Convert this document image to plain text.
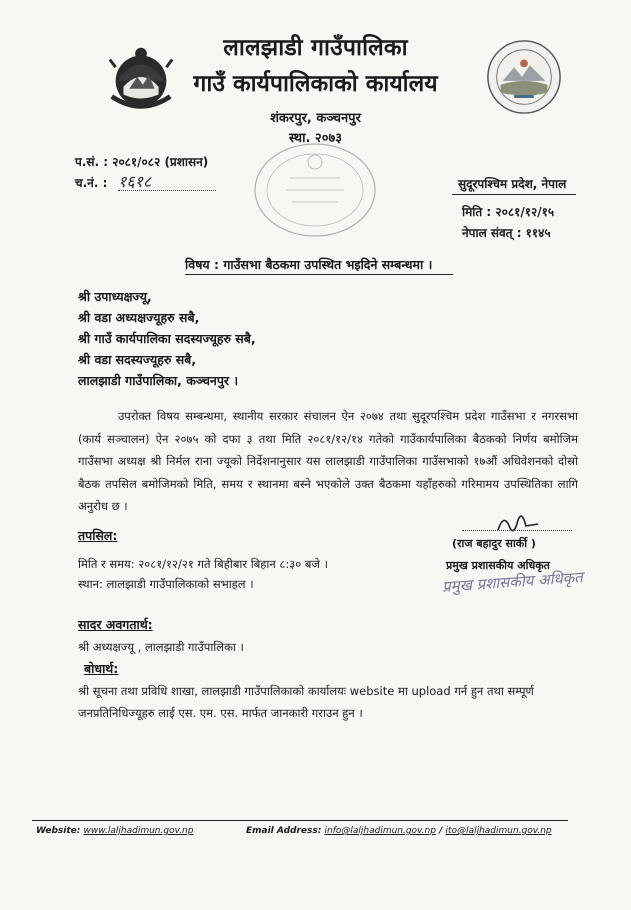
लालझाडी गाउँपालिका
गाउँ कार्यपालिकाको कार्यालय
शंकरपुर, कञ्चनपुर
स्था. २०७३
प.सं. : २०८१/०८२ (प्रशासन)
च.नं. : १६१८	सुदूरपश्चिम प्रदेश, नेपाल
मिति : २०८१/१२/१५
नेपाल संवत् : ११४५
विषय : गाउँसभा बैठकमा उपस्थित भइदिने सम्बन्धमा ।
श्री उपाध्यक्षज्यू,
श्री वडा अध्यक्षज्यूहरु सबै,
श्री गाउँ कार्यपालिका सदस्यज्यूहरु सबै,
श्री वडा सदस्यज्यूहरु सबै,
लालझाडी गाउँपालिका, कञ्चनपुर ।
उपरोक्त विषय सम्बन्धमा, स्थानीय सरकार संचालन ऐन २०७४ तथा सुदूरपश्चिम प्रदेश गाउँसभा र नगरसभा (कार्य सञ्चालन) ऐन २०७५ को दफा ३ तथा मिति २०८१/१२/१४ गतेको गाउँकार्यपालिका बैठकको निर्णय बमोजिम गाउँसभा अध्यक्ष श्री निर्मल राना ज्यूको निर्देशनानुसार यस लालझाडी गाउँपालिका गाउँसभाको १७औं अधिवेशनको दोस्रो बैठक तपसिल बमोजिमको मिति, समय र स्थानमा बस्ने भएकोले उक्त बैठकमा यहाँहरुको गरिमामय उपस्थितिका लागि अनुरोध छ ।
तपसिल:
मिति र समय: २०८१/१२/२१ गते बिहीबार बिहान ८:३० बजे ।
स्थान: लालझाडी गाउँपालिकाको सभाहल ।
(राज बहादुर सार्की )
प्रमुख प्रशासकीय अधिकृत
प्रमुख प्रशासकीय अधिकृत
सादर अवगतार्थ:
श्री अध्यक्षज्यू , लालझाडी गाउँपालिका ।
बोधार्थ:
श्री सूचना तथा प्रविधि शाखा, लालझाडी गाउँपालिकाको कार्यालयः website मा upload गर्न हुन तथा सम्पूर्ण
जनप्रतिनिधिज्यूहरु लाई एस. एम. एस. मार्फत जानकारी गराउन हुन ।
Website: www.laljhadimun.gov.np	Email Address: info@laljhadimun.gov.np / ito@laljhadimun.gov.np
